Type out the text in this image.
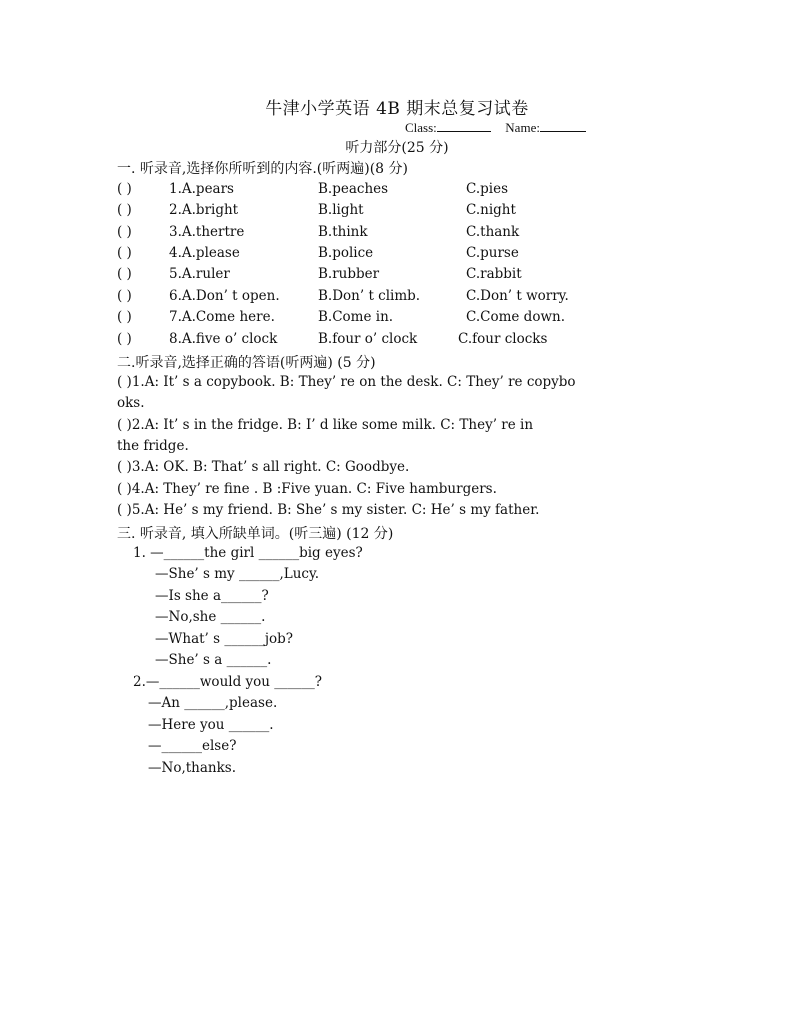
牛津小学英语 4B 期末总复习试卷
Class:	Name:
听力部分(25 分)
一. 听录音,选择你所听到的内容.(听两遍)(8 分)
( )	1.A.pears	B.peaches	C.pies
( )	2.A.bright	B.light	C.night
( )	3.A.thertre	B.think	C.thank
( )	4.A.please	B.police	C.purse
( )	5.A.ruler	B.rubber	C.rabbit
( )	6.A.Don’ t open.	B.Don’ t climb.	C.Don’ t worry.
( )	7.A.Come here.	B.Come in.	C.Come down.
( )	8.A.five o’ clock	B.four o’ clock	C.four clocks
二.听录音,选择正确的答语(听两遍) (5 分)
( )1.A: It’ s a copybook. B: They’ re on the desk. C: They’ re copybo
oks.
( )2.A: It’ s in the fridge. B: I’ d like some milk. C: They’ re in
the fridge.
( )3.A: OK. B: That’ s all right. C: Goodbye.
( )4.A: They’ re fine . B :Five yuan. C: Five hamburgers.
( )5.A: He’ s my friend. B: She’ s my sister. C: He’ s my father.
三. 听录音, 填入所缺单词。(听三遍) (12 分)
1. —______the girl ______big eyes?
—She’ s my ______,Lucy.
—Is she a______?
—No,she ______.
—What’ s ______job?
—She’ s a ______.
2.—______would you ______?
—An ______,please.
—Here you ______.
—______else?
—No,thanks.
